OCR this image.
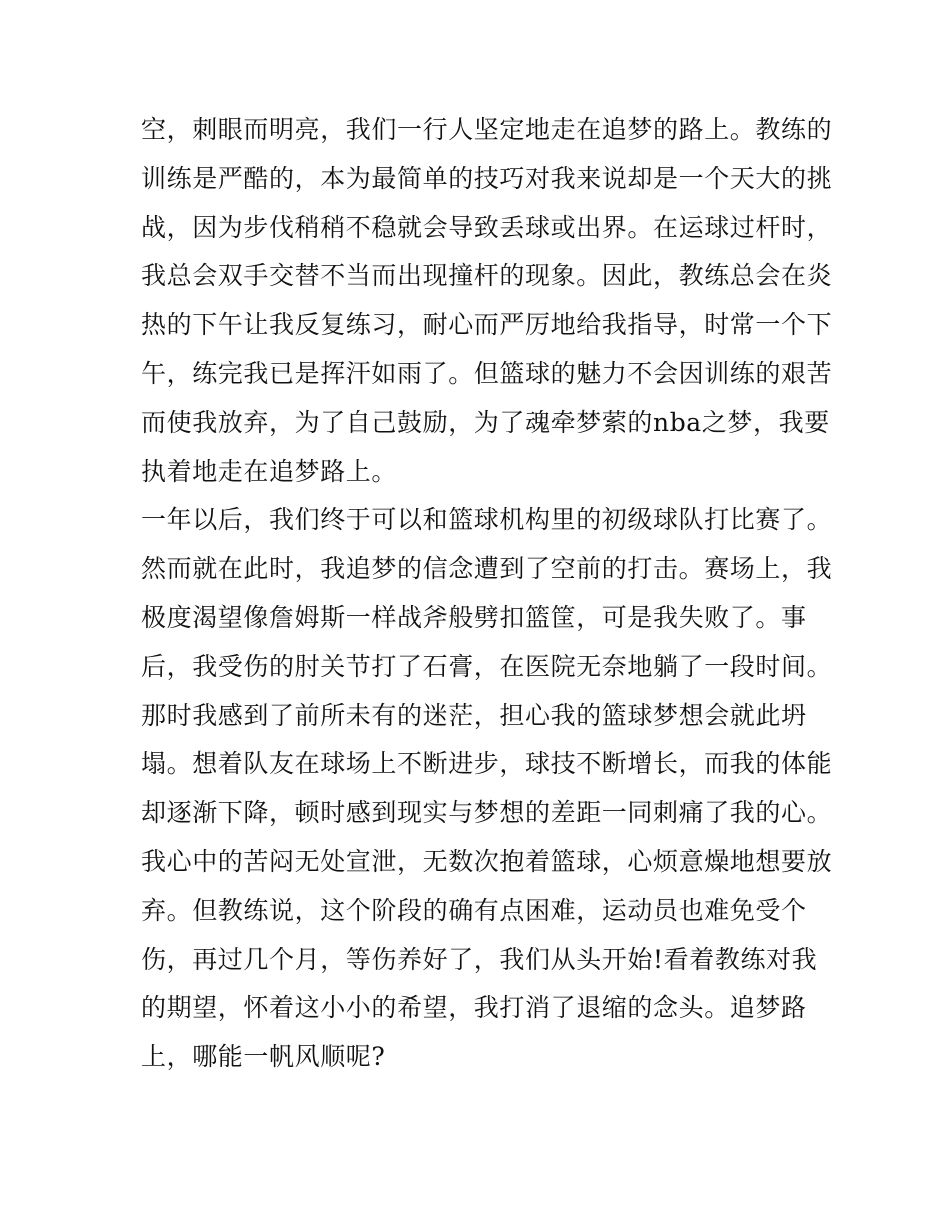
空，刺眼而明亮，我们一行人坚定地走在追梦的路上。教练的
训练是严酷的，本为最简单的技巧对我来说却是一个天大的挑
战，因为步伐稍稍不稳就会导致丢球或出界。在运球过杆时，
我总会双手交替不当而出现撞杆的现象。因此，教练总会在炎
热的下午让我反复练习，耐心而严厉地给我指导，时常一个下
午，练完我已是挥汗如雨了。但篮球的魅力不会因训练的艰苦
而使我放弃，为了自己鼓励，为了魂牵梦萦的nba之梦，我要
执着地走在追梦路上。
一年以后，我们终于可以和篮球机构里的初级球队打比赛了。
然而就在此时，我追梦的信念遭到了空前的打击。赛场上，我
极度渴望像詹姆斯一样战斧般劈扣篮筐，可是我失败了。事
后，我受伤的肘关节打了石膏，在医院无奈地躺了一段时间。
那时我感到了前所未有的迷茫，担心我的篮球梦想会就此坍
塌。想着队友在球场上不断进步，球技不断增长，而我的体能
却逐渐下降，顿时感到现实与梦想的差距一同刺痛了我的心。
我心中的苦闷无处宣泄，无数次抱着篮球，心烦意燥地想要放
弃。但教练说，这个阶段的确有点困难，运动员也难免受个
伤，再过几个月，等伤养好了，我们从头开始!看着教练对我
的期望，怀着这小小的希望，我打消了退缩的念头。追梦路
上，哪能一帆风顺呢?
